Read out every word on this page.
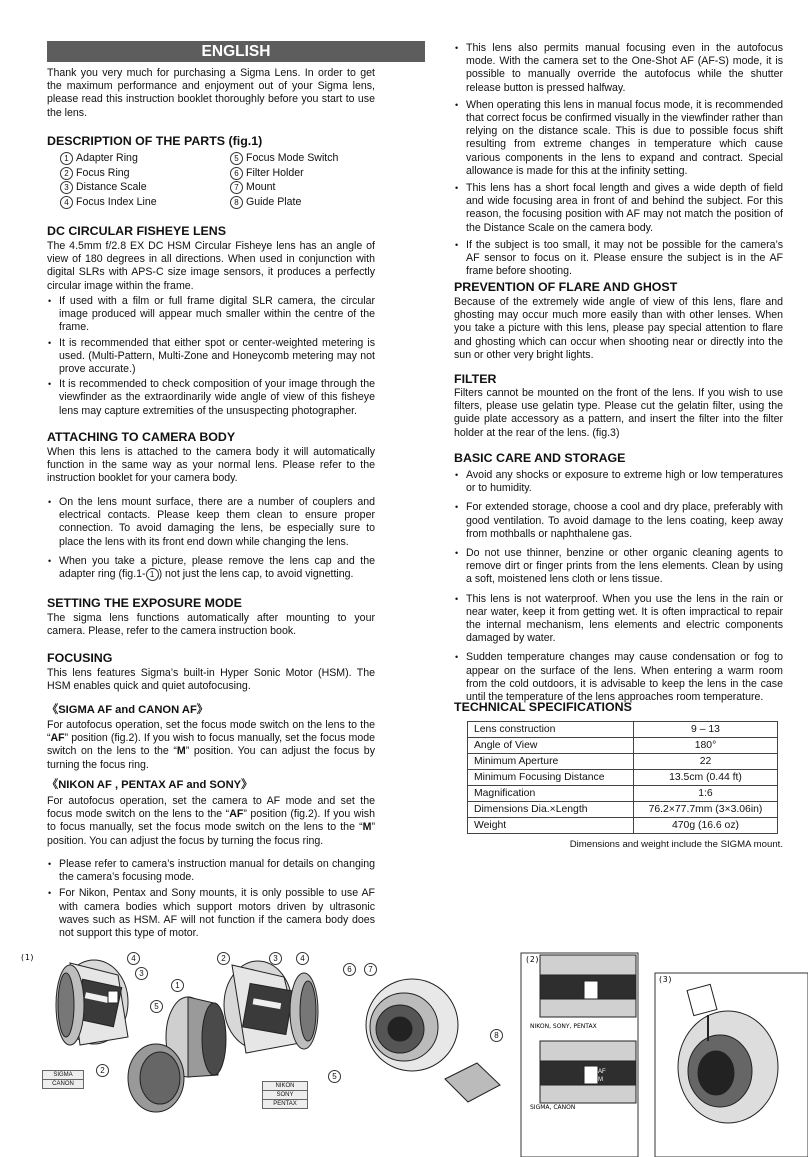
ENGLISH

Thank you very much for purchasing a Sigma Lens. In order to get the maximum performance and enjoyment out of your Sigma lens, please read this instruction booklet thoroughly before you start to use the lens.

DESCRIPTION OF THE PARTS (fig.1)
1 Adapter Ring	5 Focus Mode Switch
2 Focus Ring	6 Filter Holder
3 Distance Scale	7 Mount
4 Focus Index Line	8 Guide Plate
DC CIRCULAR FISHEYE LENS

The 4.5mm f/2.8 EX DC HSM Circular Fisheye lens has an angle of view of 180 degrees in all directions. When used in conjunction with digital SLRs with APS-C size image sensors, it produces a perfectly circular image within the frame.

• If used with a film or full frame digital SLR camera, the circular image produced will appear much smaller within the centre of the frame.
• It is recommended that either spot or center-weighted metering is used. (Multi-Pattern, Multi-Zone and Honeycomb metering may not prove accurate.)
• It is recommended to check composition of your image through the viewfinder as the extraordinarily wide angle of view of this fisheye lens may capture extremities of the unsuspecting photographer.
ATTACHING TO CAMERA BODY

When this lens is attached to the camera body it will automatically function in the same way as your normal lens. Please refer to the instruction booklet for your camera body.

• On the lens mount surface, there are a number of couplers and electrical contacts. Please keep them clean to ensure proper connection. To avoid damaging the lens, be especially sure to place the lens with its front end down while changing the lens.
• When you take a picture, please remove the lens cap and the adapter ring (fig.1- 1 ) not just the lens cap, to avoid vignetting.
SETTING THE EXPOSURE MODE

The sigma lens functions automatically after mounting to your camera. Please, refer to the camera instruction book.

FOCUSING

This lens features Sigma’s built-in Hyper Sonic Motor (HSM). The HSM enables quick and quiet autofocusing.

《SIGMA AF and CANON AF》

For autofocus operation, set the focus mode switch on the lens to the “AF” position (fig.2). If you wish to focus manually, set the focus mode switch on the lens to the “M” position. You can adjust the focus by turning the focus ring.

《NIKON AF , PENTAX AF and SONY》

For autofocus operation, set the camera to AF mode and set the focus mode switch on the lens to the “AF” position (fig.2). If you wish to focus manually, set the focus mode switch on the lens to the “M” position. You can adjust the focus by turning the focus ring.

• Please refer to camera’s instruction manual for details on changing the camera’s focusing mode.
• For Nikon, Pentax and Sony mounts, it is only possible to use AF with camera bodies which support motors driven by ultrasonic waves such as HSM. AF will not function if the camera body does not support this type of motor.
• This lens also permits manual focusing even in the autofocus mode. With the camera set to the One-Shot AF (AF-S) mode, it is possible to manually override the autofocus while the shutter release button is pressed halfway.
• When operating this lens in manual focus mode, it is recommended that correct focus be confirmed visually in the viewfinder rather than relying on the distance scale. This is due to possible focus shift resulting from extreme changes in temperature which cause various components in the lens to expand and contract. Special allowance is made for this at the infinity setting.
• This lens has a short focal length and gives a wide depth of field and wide focusing area in front of and behind the subject. For this reason, the focusing position with AF may not match the position of the Distance Scale on the camera body.
• If the subject is too small, it may not be possible for the camera’s AF sensor to focus on it. Please ensure the subject is in the AF frame before shooting.
PREVENTION OF FLARE AND GHOST

Because of the extremely wide angle of view of this lens, flare and ghosting may occur much more easily than with other lenses. When you take a picture with this lens, please pay special attention to flare and ghosting which can occur when shooting near or directly into the sun or other very bright lights.

FILTER

Filters cannot be mounted on the front of the lens. If you wish to use filters, please use gelatin type. Please cut the gelatin filter, using the guide plate accessory as a pattern, and insert the filter into the filter holder at the rear of the lens. (fig.3)

BASIC CARE AND STORAGE
• Avoid any shocks or exposure to extreme high or low temperatures or to humidity.
• For extended storage, choose a cool and dry place, preferably with good ventilation. To avoid damage to the lens coating, keep away from mothballs or naphthalene gas.
• Do not use thinner, benzine or other organic cleaning agents to remove dirt or finger prints from the lens elements. Clean by using a soft, moistened lens cloth or lens tissue.
• This lens is not waterproof. When you use the lens in the rain or near water, keep it from getting wet. It is often impractical to repair the internal mechanism, lens elements and electric components damaged by water.
• Sudden temperature changes may cause condensation or fog to appear on the surface of the lens. When entering a warm room from the cold outdoors, it is advisable to keep the lens in the case until the temperature of the lens approaches room temperature.
TECHNICAL SPECIFICATIONS
Lens construction	9 – 13
Angle of View	180°
Minimum Aperture	22
Minimum Focusing Distance	13.5cm (0.44 ft)
Magnification	1:6
Dimensions Dia.×Length	76.2×77.7mm (3×3.06in)
Weight	470g (16.6 oz)

Dimensions and weight include the SIGMA mount.

(1)	(2)
AF
M
NIKON, SONY, PENTAX
SIGMA, CANON
(3)
4
3
5
2
1
2	3	4
5
6	7
8
SIGMA
CANON	NIKON
SONY
PENTAX
